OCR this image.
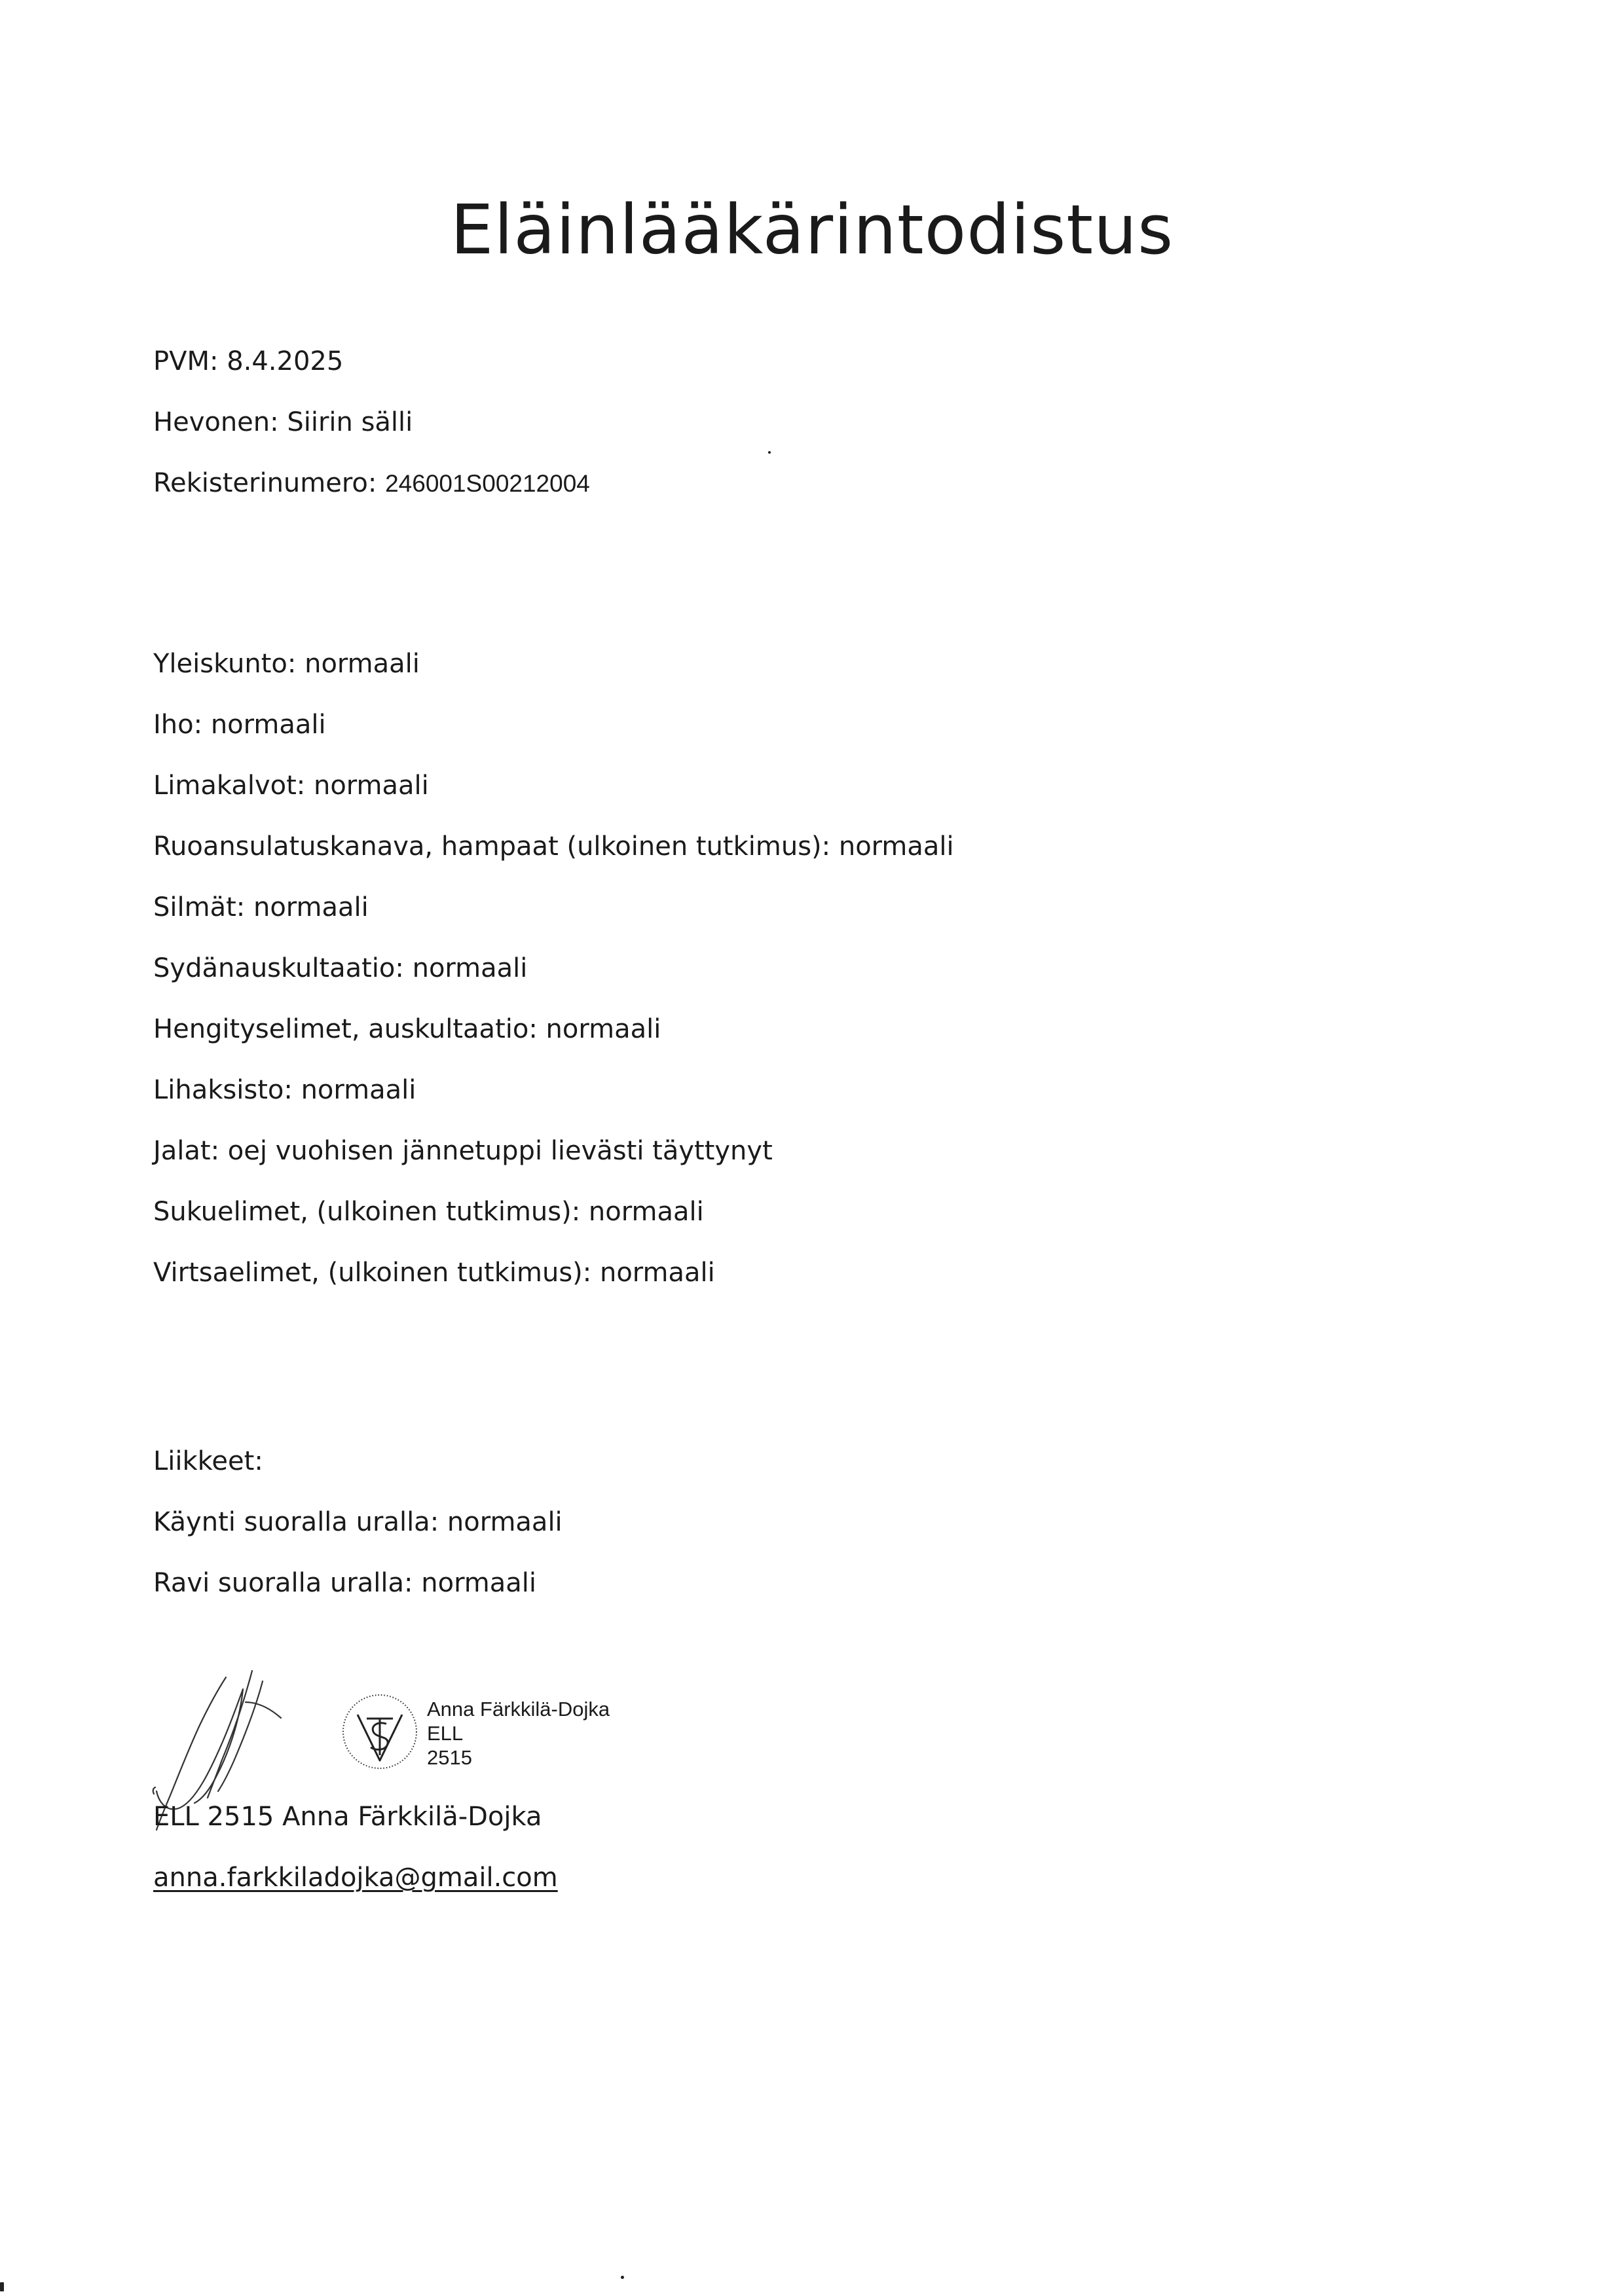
Eläinlääkärintodistus
PVM: 8.4.2025
Hevonen: Siirin sälli
Rekisterinumero: 246001S00212004
Yleiskunto: normaali
Iho: normaali
Limakalvot: normaali
Ruoansulatuskanava, hampaat (ulkoinen tutkimus): normaali
Silmät: normaali
Sydänauskultaatio: normaali
Hengityselimet, auskultaatio: normaali
Lihaksisto: normaali
Jalat: oej vuohisen jännetuppi lievästi täyttynyt
Sukuelimet, (ulkoinen tutkimus): normaali
Virtsaelimet, (ulkoinen tutkimus): normaali
Liikkeet:
Käynti suoralla uralla: normaali
Ravi suoralla uralla: normaali
Anna Färkkilä-Dojka
ELL
2515
ELL 2515 Anna Färkkilä-Dojka
anna.farkkiladojka@gmail.com
